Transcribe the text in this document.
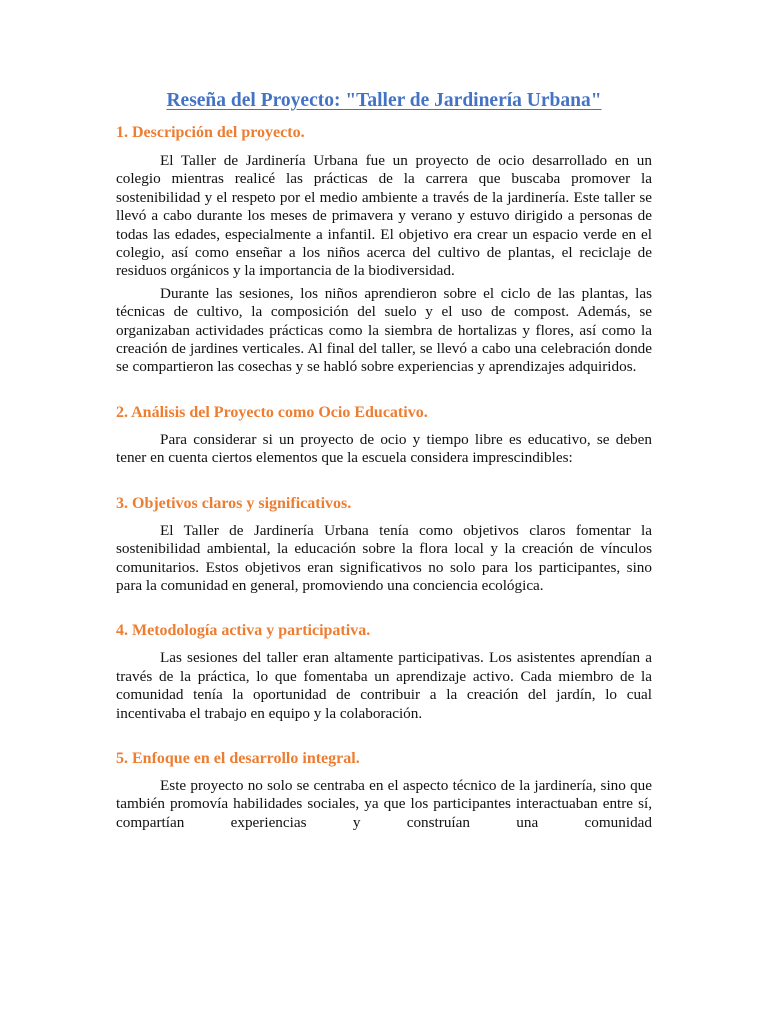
Reseña del Proyecto: "Taller de Jardinería Urbana"
1. Descripción del proyecto.

El Taller de Jardinería Urbana fue un proyecto de ocio desarrollado en un colegio mientras realicé las prácticas de la carrera que buscaba promover la sostenibilidad y el respeto por el medio ambiente a través de la jardinería. Este taller se llevó a cabo durante los meses de primavera y verano y estuvo dirigido a personas de todas las edades, especialmente a infantil. El objetivo era crear un espacio verde en el colegio, así como enseñar a los niños acerca del cultivo de plantas, el reciclaje de residuos orgánicos y la importancia de la biodiversidad.

Durante las sesiones, los niños aprendieron sobre el ciclo de las plantas, las técnicas de cultivo, la composición del suelo y el uso de compost. Además, se organizaban actividades prácticas como la siembra de hortalizas y flores, así como la creación de jardines verticales. Al final del taller, se llevó a cabo una celebración donde se compartieron las cosechas y se habló sobre experiencias y aprendizajes adquiridos.

2. Análisis del Proyecto como Ocio Educativo.

Para considerar si un proyecto de ocio y tiempo libre es educativo, se deben tener en cuenta ciertos elementos que la escuela considera imprescindibles:

3. Objetivos claros y significativos.

El Taller de Jardinería Urbana tenía como objetivos claros fomentar la sostenibilidad ambiental, la educación sobre la flora local y la creación de vínculos comunitarios. Estos objetivos eran significativos no solo para los participantes, sino para la comunidad en general, promoviendo una conciencia ecológica.

4. Metodología activa y participativa.

Las sesiones del taller eran altamente participativas. Los asistentes aprendían a través de la práctica, lo que fomentaba un aprendizaje activo. Cada miembro de la comunidad tenía la oportunidad de contribuir a la creación del jardín, lo cual incentivaba el trabajo en equipo y la colaboración.

5. Enfoque en el desarrollo integral.

Este proyecto no solo se centraba en el aspecto técnico de la jardinería, sino que también promovía habilidades sociales, ya que los participantes interactuaban entre sí, compartían experiencias y construían una comunidad
